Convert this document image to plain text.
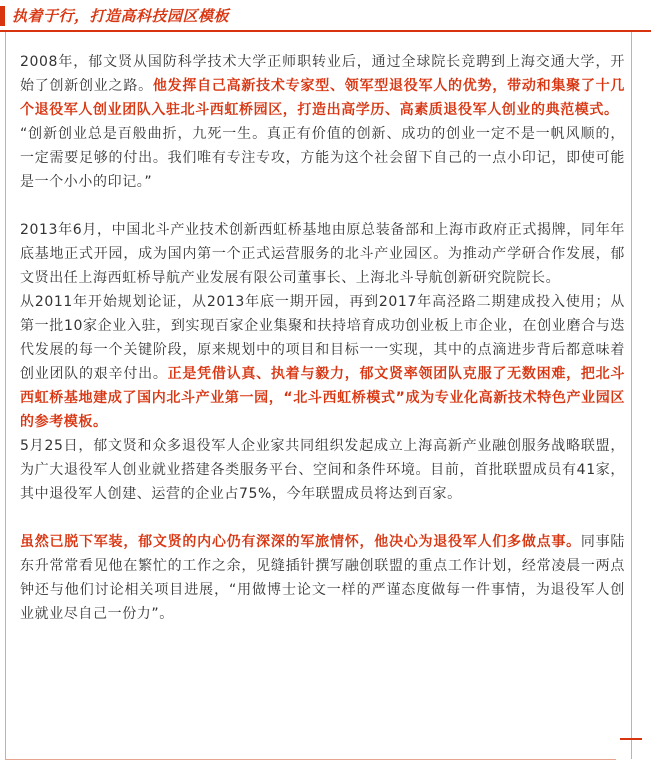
执着于行，打造高科技园区模板

2008年，郁文贤从国防科学技术大学正师职转业后，通过全球院长竞聘到上海交通大学，开始了创新创业之路。他发挥自己高新技术专家型、领军型退役军人的优势，带动和集聚了十几个退役军人创业团队入驻北斗西虹桥园区，打造出高学历、高素质退役军人创业的典范模式。

“创新创业总是百般曲折，九死一生。真正有价值的创新、成功的创业一定不是一帆风顺的，一定需要足够的付出。我们唯有专注专攻，方能为这个社会留下自己的一点小印记，即使可能是一个小小的印记。”

2013年6月，中国北斗产业技术创新西虹桥基地由原总装备部和上海市政府正式揭牌，同年年底基地正式开园，成为国内第一个正式运营服务的北斗产业园区。为推动产学研合作发展，郁文贤出任上海西虹桥导航产业发展有限公司董事长、上海北斗导航创新研究院院长。

从2011年开始规划论证，从2013年底一期开园，再到2017年高泾路二期建成投入使用；从第一批10家企业入驻，到实现百家企业集聚和扶持培育成功创业板上市企业，在创业磨合与迭代发展的每一个关键阶段，原来规划中的项目和目标一一实现，其中的点滴进步背后都意味着创业团队的艰辛付出。正是凭借认真、执着与毅力，郁文贤率领团队克服了无数困难，把北斗西虹桥基地建成了国内北斗产业第一园，“北斗西虹桥模式”成为专业化高新技术特色产业园区的参考模板。

5月25日，郁文贤和众多退役军人企业家共同组织发起成立上海高新产业融创服务战略联盟，为广大退役军人创业就业搭建各类服务平台、空间和条件环境。目前，首批联盟成员有41家，其中退役军人创建、运营的企业占75%，今年联盟成员将达到百家。

虽然已脱下军装，郁文贤的内心仍有深深的军旅情怀，他决心为退役军人们多做点事。同事陆东升常常看见他在繁忙的工作之余，见缝插针撰写融创联盟的重点工作计划，经常凌晨一两点钟还与他们讨论相关项目进展，“用做博士论文一样的严谨态度做每一件事情，为退役军人创业就业尽自己一份力”。
